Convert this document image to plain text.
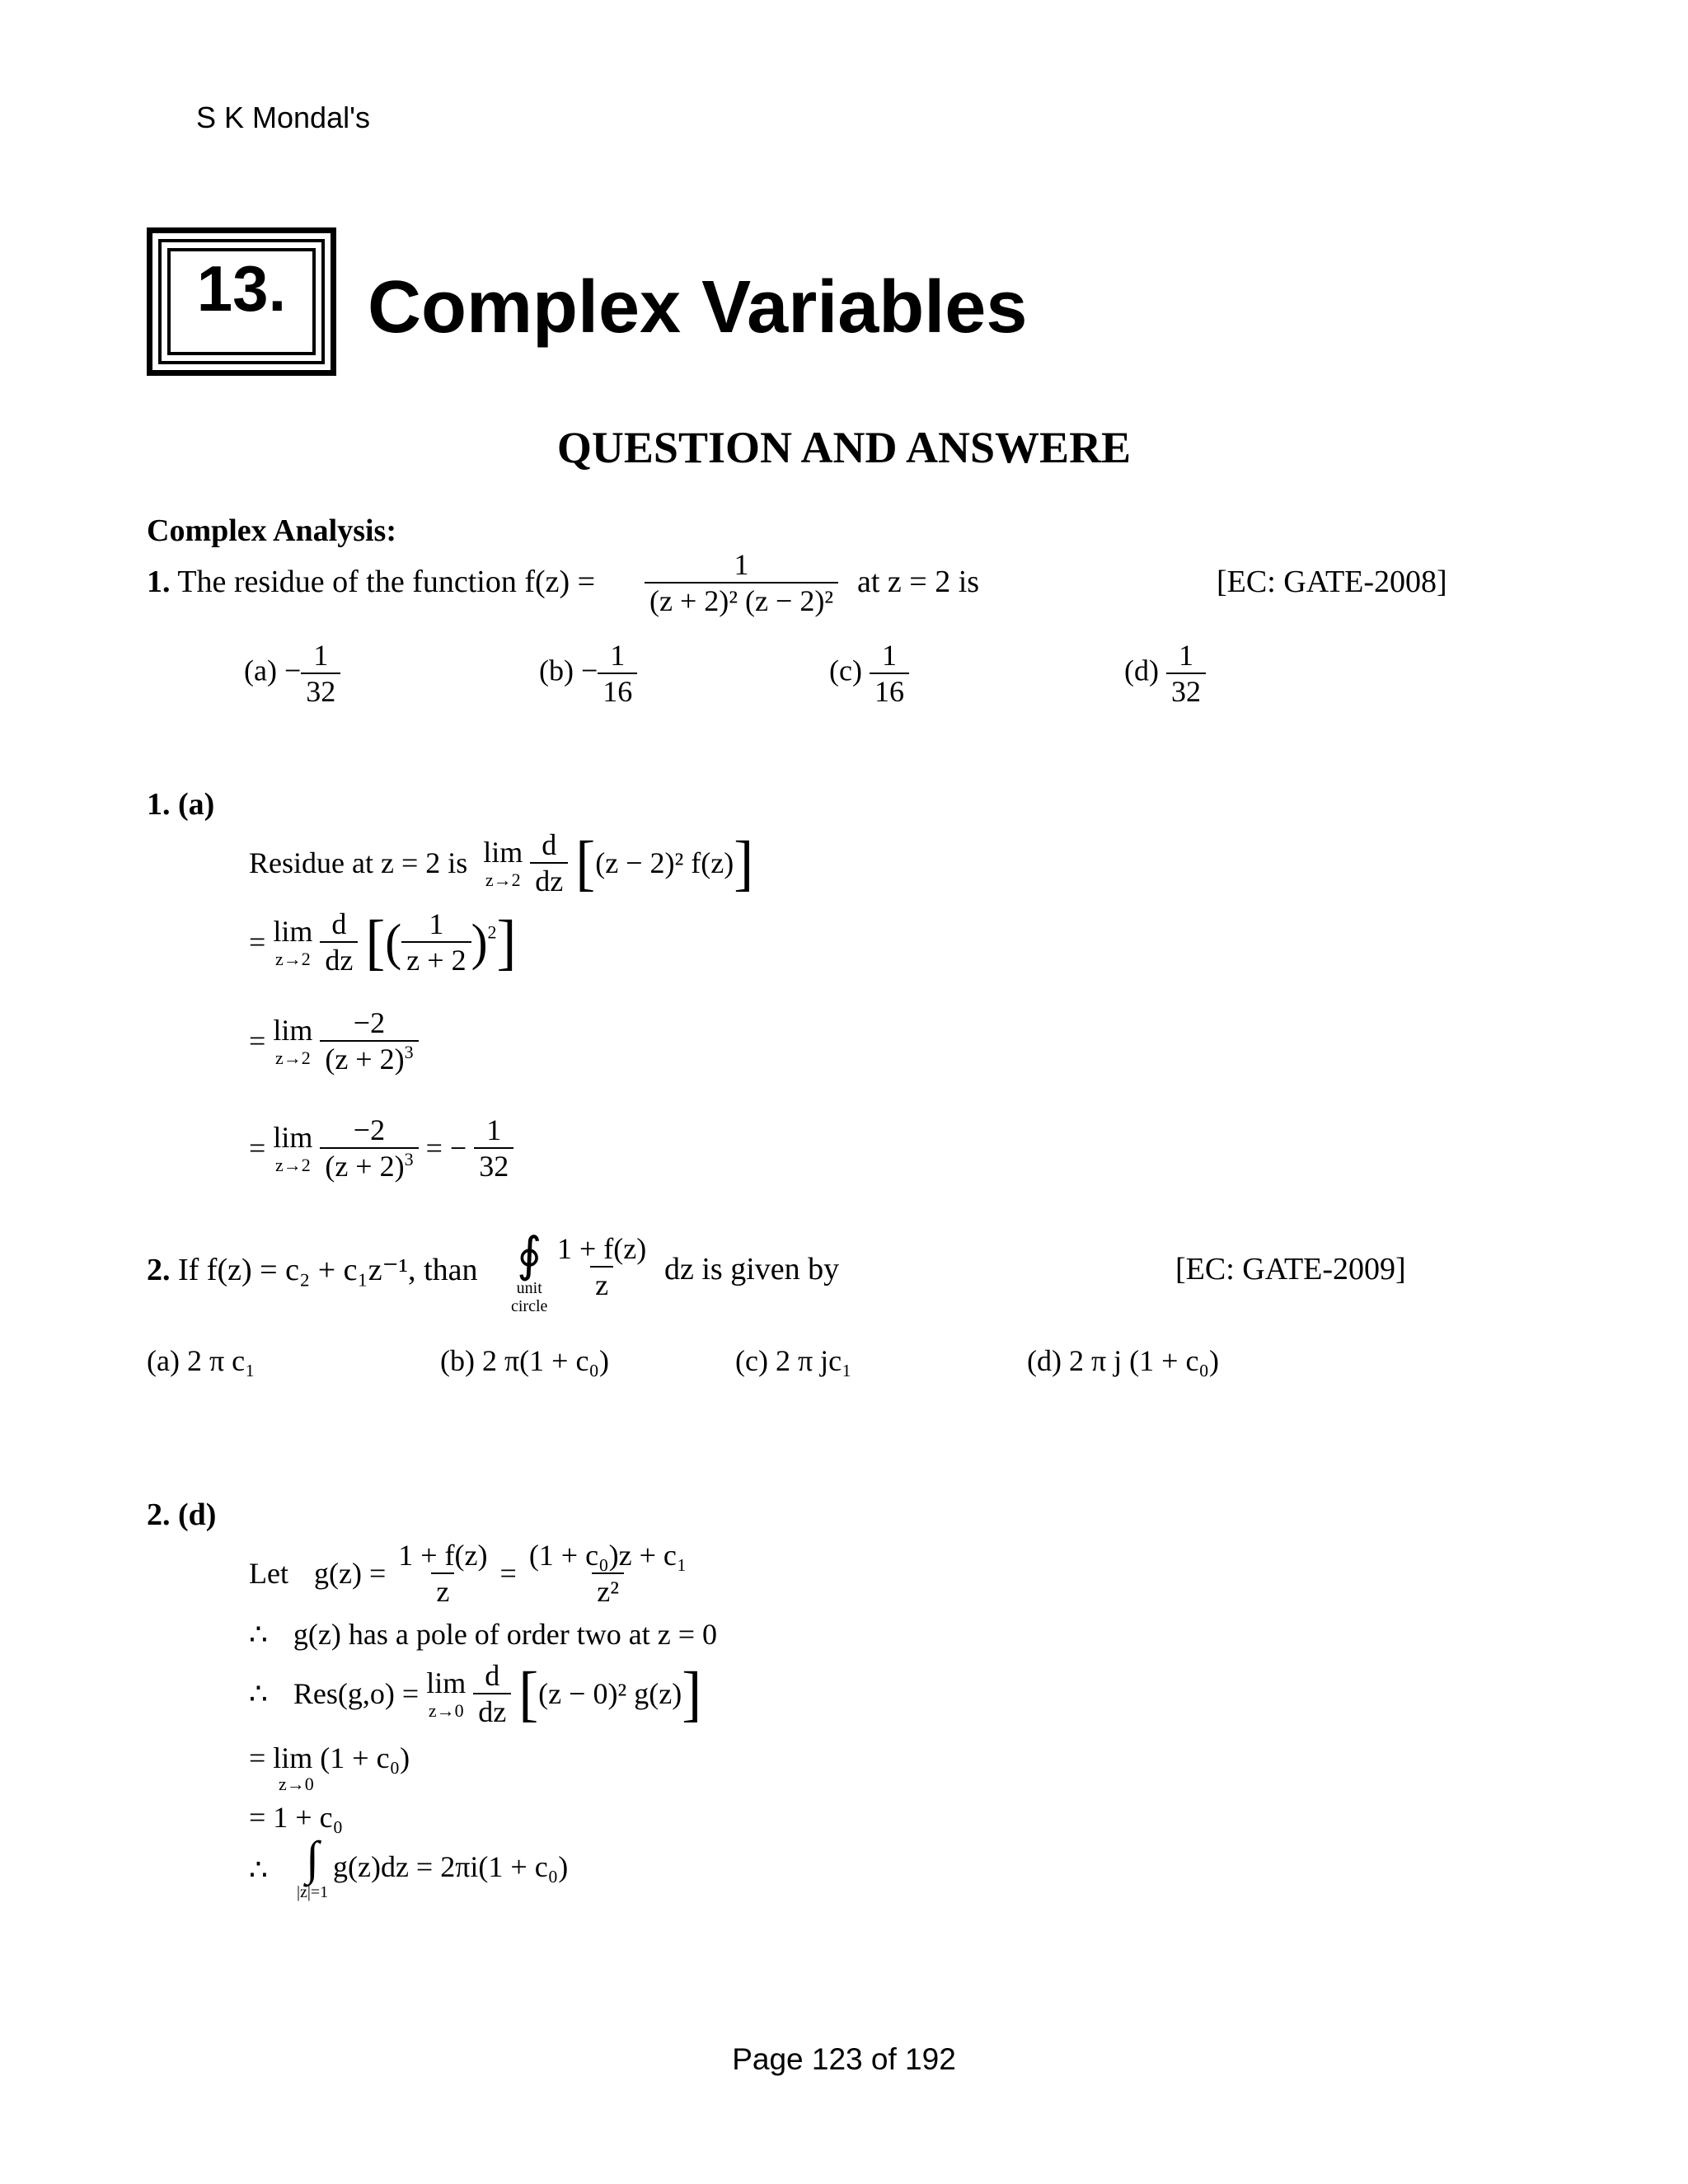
S K Mondal's
13.	Complex Variables
QUESTION AND ANSWERE
Complex Analysis:
1. The residue of the function $f(z) = \frac{1}{\text{(z + 2)² (z − 2)²}}$ at z = 2 is	[EC: GATE-2008]
$(a) - \frac{1}{32}$	$(b) - \frac{1}{16}$	$(c) \frac{1}{16}$	$(d) \frac{1}{32}$
1. (a)
Residue at z = 2 is lim
z→2
$\frac{d}{dz} [(z - 2)^2$ f(z)]
= lim
z→2
$\frac{d}{dz}$ [( $\frac{1}{z + 2} )^2$]
= lim
z→2
$\frac{-2}{(z + 2)^3}$
= lim
z→2
$\frac{-2}{(z + 2)^3}$ = − $\frac{1}{32}$
2. If f(z) = c₂ + c₁z⁻¹, than ∮
unit
circle
$\frac{1 + f(z)}{z}$ dz is given by	[EC: GATE-2009]
(a) 2 π c₁	(b) 2 π(1 + c₀)	(c) 2 π jc₁	(d) 2 π j (1 + c₀)
2. (d)
Let $g(z) = \frac{1 + f(z)}{z} = \frac{\text{(1 + c₀)z + c₁}}{\text{z²}}$
∴ g(z) has a pole of order two at z = 0
∴ Res(g,o) = lim
z→0
$\frac{d}{dz} [(z - 0)^2$ g(z)]
= lim (1 + c₀)
z→0
= 1 + c₀
∴ ∫
|z|=1
g(z)dz = 2πi(1 + c₀)
Page 123 of 192
